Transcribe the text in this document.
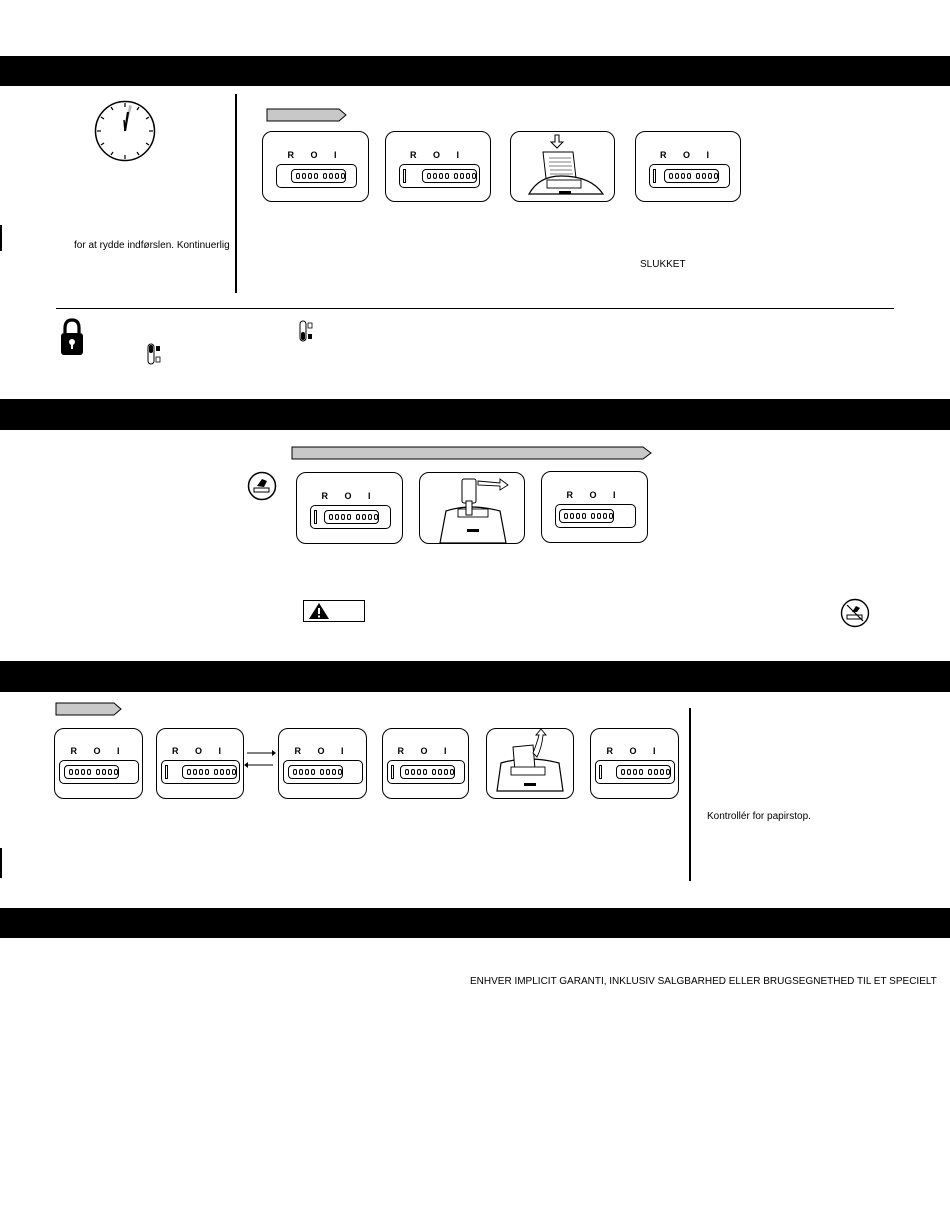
for at rydde indførslen. Kontinuerlig
R O I	R O I	R O I
SLUKKET
R O I	R O I
R O I	R O I	R O I	R O I	R O I
Kontrollér for papirstop.
ENHVER IMPLICIT GARANTI, INKLUSIV SALGBARHED ELLER BRUGSEGNETHED TIL ET SPECIELT
